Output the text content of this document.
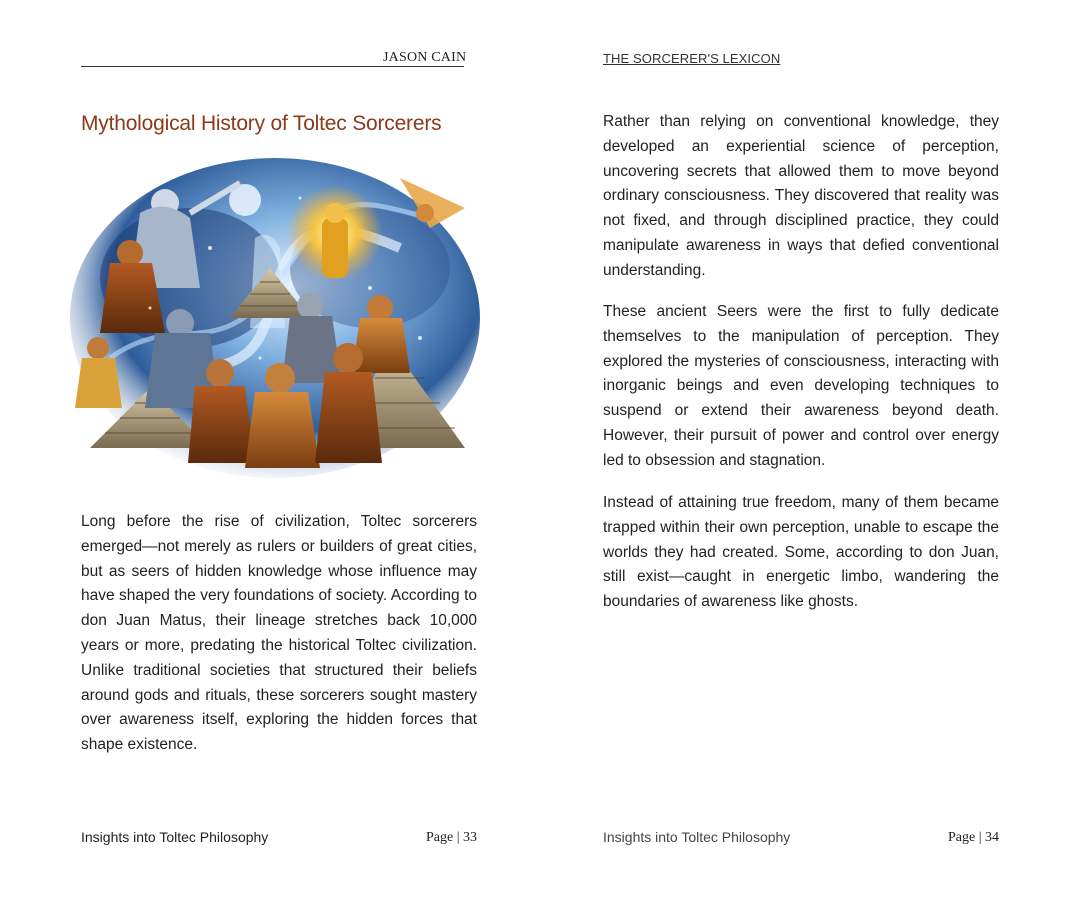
JASON CAIN
Mythological History of Toltec Sorcerers

Long before the rise of civilization, Toltec sorcerers emerged—not merely as rulers or builders of great cities, but as seers of hidden knowledge whose influence may have shaped the very foundations of society. According to don Juan Matus, their lineage stretches back 10,000 years or more, predating the historical Toltec civilization. Unlike traditional societies that structured their beliefs around gods and rituals, these sorcerers sought mastery over awareness itself, exploring the hidden forces that shape existence.

Insights into Toltec Philosophy	Page | 33
THE SORCERER'S LEXICON

Rather than relying on conventional knowledge, they developed an experiential science of perception, uncovering secrets that allowed them to move beyond ordinary consciousness. They discovered that reality was not fixed, and through disciplined practice, they could manipulate awareness in ways that defied conventional understanding.

These ancient Seers were the first to fully dedicate themselves to the manipulation of perception. They explored the mysteries of consciousness, interacting with inorganic beings and even developing techniques to suspend or extend their awareness beyond death. However, their pursuit of power and control over energy led to obsession and stagnation.

Instead of attaining true freedom, many of them became trapped within their own perception, unable to escape the worlds they had created. Some, according to don Juan, still exist—caught in energetic limbo, wandering the boundaries of awareness like ghosts.

Insights into Toltec Philosophy	Page | 34
